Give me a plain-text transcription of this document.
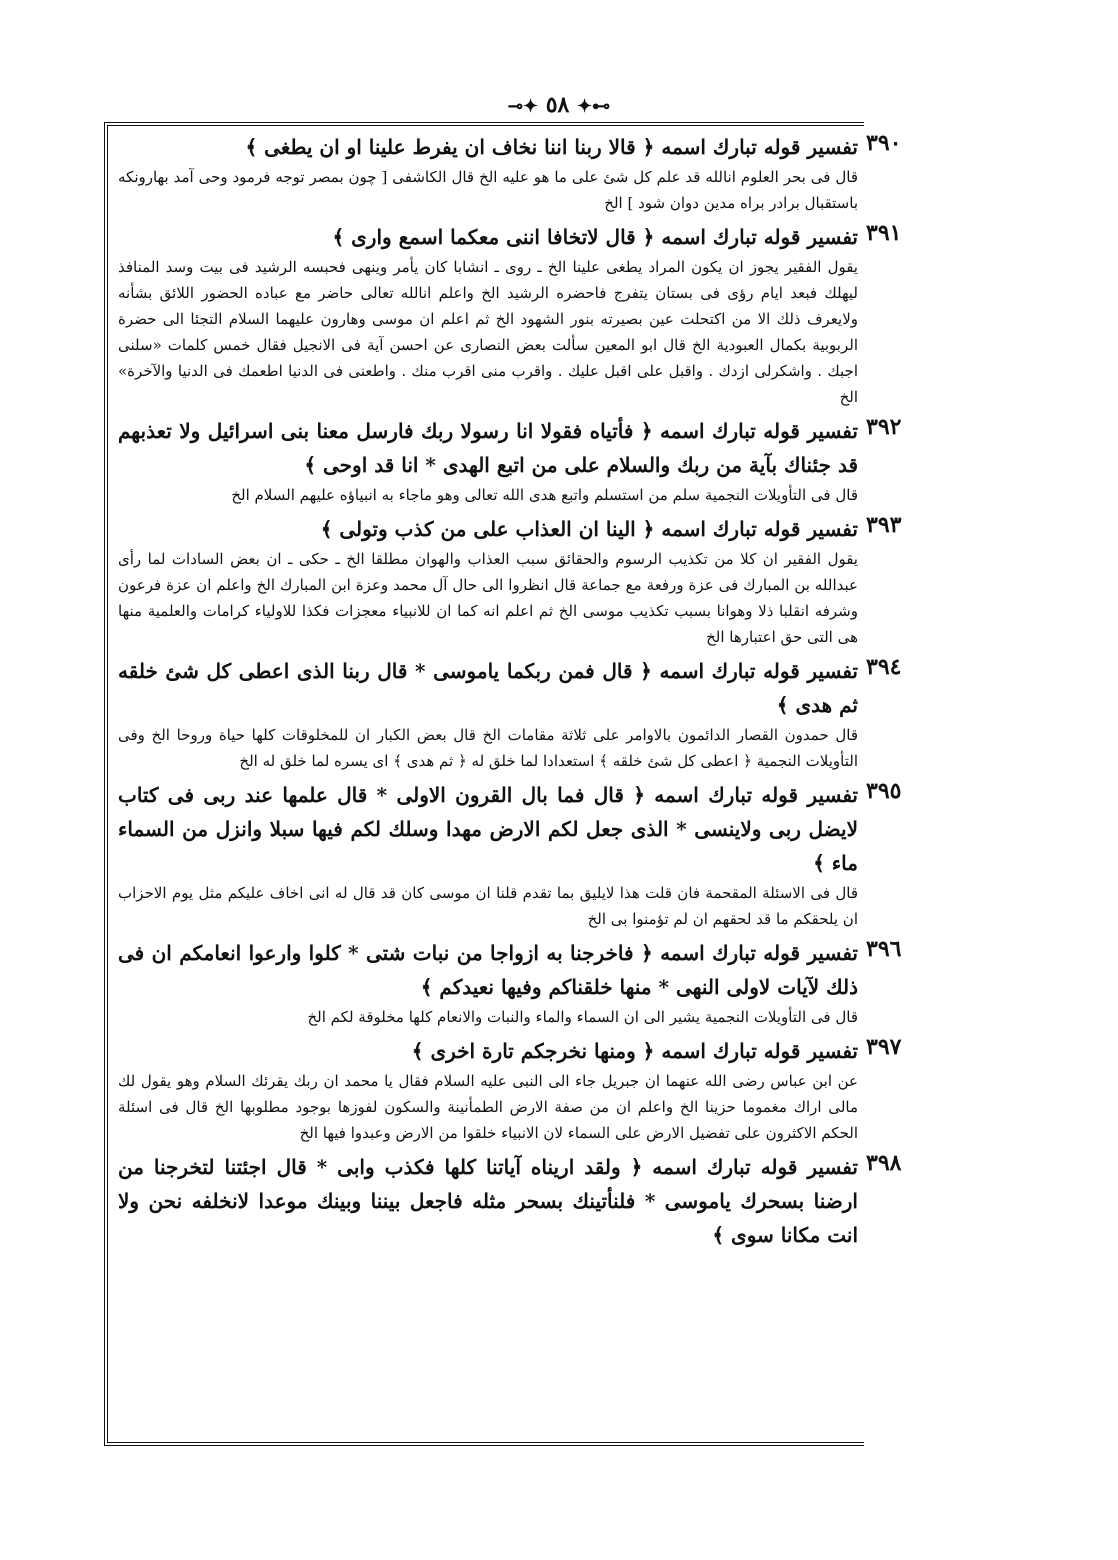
⊸✦ ٥٨ ✦⊷
٣٩٠
تفسير قوله تبارك اسمه ﴿ قالا ربنا اننا نخاف ان يفرط علينا او ان يطغى ﴾
قال فى بحر العلوم انالله قد علم كل شئ على ما هو عليه الخ قال الكاشفى [ چون بمصر توجه فرمود وحى آمد بهارونكه باستقبال برادر براه مدين دوان شود ] الخ
٣٩١
تفسير قوله تبارك اسمه ﴿ قال لاتخافا اننى معكما اسمع وارى ﴾
يقول الفقير يجوز ان يكون المراد يطغى علينا الخ ـ روى ـ انشابا كان يأمر وينهى فحبسه الرشيد فى بيت وسد المنافذ ليهلك فبعد ايام رؤى فى بستان يتفرج فاحضره الرشيد الخ واعلم انالله تعالى حاضر مع عباده الحضور اللائق بشأنه ولايعرف ذلك الا من اكتحلت عين بصيرته بنور الشهود الخ ثم اعلم ان موسى وهارون عليهما السلام التجئا الى حضرة الربوبية بكمال العبودية الخ قال ابو المعين سألت بعض النصارى عن احسن آية فى الانجيل فقال خمس كلمات «سلنى اجبك . واشكرلى ازدك . واقبل على اقبل عليك . واقرب منى اقرب منك . واطعنى فى الدنيا اطعمك فى الدنيا والآخرة» الخ
٣٩٢
تفسير قوله تبارك اسمه ﴿ فأتياه فقولا انا رسولا ربك فارسل معنا بنى اسرائيل ولا تعذبهم قد جئناك بآية من ربك والسلام على من اتبع الهدى * انا قد اوحى ﴾
قال فى التأويلات النجمية سلم من استسلم واتبع هدى الله تعالى وهو ماجاء به انبياؤه عليهم السلام الخ
٣٩٣
تفسير قوله تبارك اسمه ﴿ الينا ان العذاب على من كذب وتولى ﴾
يقول الفقير ان كلا من تكذيب الرسوم والحقائق سبب العذاب والهوان مطلقا الخ ـ حكى ـ ان بعض السادات لما رأى عبدالله بن المبارك فى عزة ورفعة مع جماعة قال انظروا الى حال آل محمد وعزة ابن المبارك الخ واعلم ان عزة فرعون وشرفه انقلبا ذلا وهوانا بسبب تكذيب موسى الخ ثم اعلم انه كما ان للانبياء معجزات فكذا للاولياء كرامات والعلمية منها هى التى حق اعتبارها الخ
٣٩٤
تفسير قوله تبارك اسمه ﴿ قال فمن ربكما ياموسى * قال ربنا الذى اعطى كل شئ خلقه ثم هدى ﴾
قال حمدون القصار الدائمون بالاوامر على ثلاثة مقامات الخ قال بعض الكبار ان للمخلوقات كلها حياة وروحا الخ وفى التأويلات النجمية ﴿ اعطى كل شئ خلقه ﴾ استعدادا لما خلق له ﴿ ثم هدى ﴾ اى يسره لما خلق له الخ
٣٩٥
تفسير قوله تبارك اسمه ﴿ قال فما بال القرون الاولى * قال علمها عند ربى فى كتاب لايضل ربى ولاينسى * الذى جعل لكم الارض مهدا وسلك لكم فيها سبلا وانزل من السماء ماء ﴾
قال فى الاسئلة المقحمة فان قلت هذا لايليق بما تقدم قلنا ان موسى كان قد قال له انى اخاف عليكم مثل يوم الاحزاب ان يلحقكم ما قد لحقهم ان لم تؤمنوا بى الخ
٣٩٦
تفسير قوله تبارك اسمه ﴿ فاخرجنا به ازواجا من نبات شتى * كلوا وارعوا انعامكم ان فى ذلك لآيات لاولى النهى * منها خلقناكم وفيها نعيدكم ﴾
قال فى التأويلات النجمية يشير الى ان السماء والماء والنبات والانعام كلها مخلوقة لكم الخ
٣٩٧
تفسير قوله تبارك اسمه ﴿ ومنها نخرجكم تارة اخرى ﴾
عن ابن عباس رضى الله عنهما ان جبريل جاء الى النبى عليه السلام فقال يا محمد ان ربك يقرئك السلام وهو يقول لك مالى اراك مغموما حزينا الخ واعلم ان من صفة الارض الطمأنينة والسكون لفوزها بوجود مطلوبها الخ قال فى اسئلة الحكم الاكثرون على تفضيل الارض على السماء لان الانبياء خلقوا من الارض وعبدوا فيها الخ
٣٩٨
تفسير قوله تبارك اسمه ﴿ ولقد اريناه آياتنا كلها فكذب وابى * قال اجئتنا لتخرجنا من ارضنا بسحرك ياموسى * فلنأتينك بسحر مثله فاجعل بيننا وبينك موعدا لانخلفه نحن ولا انت مكانا سوى ﴾
